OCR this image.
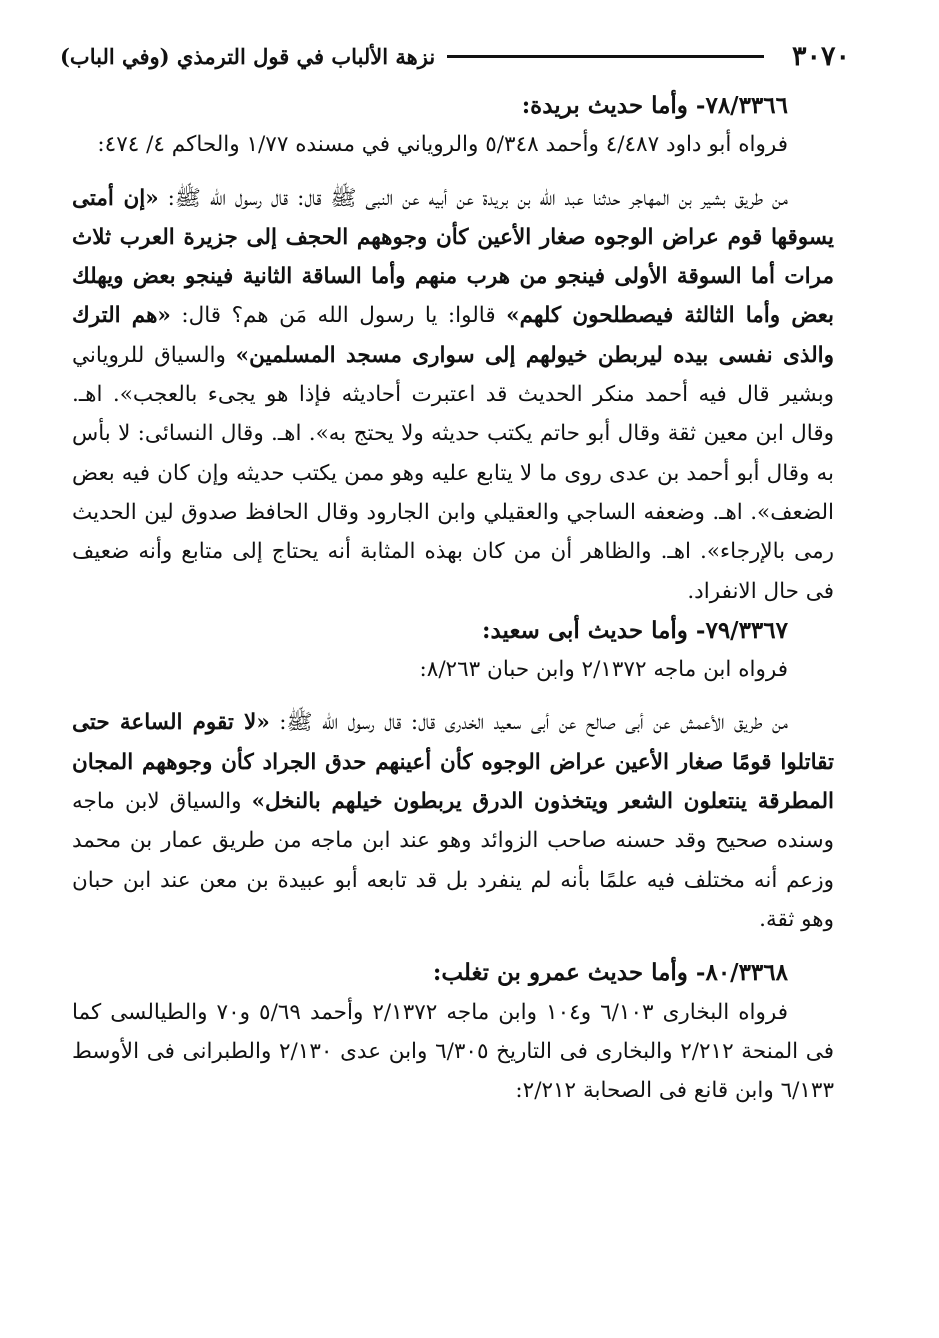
٣٠٧٠
نزهة الألباب في قول الترمذي (وفي الباب)

٧٨/٣٣٦٦- وأما حديث بريدة:

فرواه أبو داود ٤/٤٨٧ وأحمد ٥/٣٤٨ والروياني في مسنده ١/٧٧ والحاكم ٤/ ٤٧٤:

من طريق بشير بن المهاجر حدثنا عبد الله بن بريدة عن أبيه عن النبى ﷺ قال: قال رسول الله ﷺ: «إن أمتى يسوقها قوم عراض الوجوه صغار الأعين كأن وجوههم الحجف إلى جزيرة العرب ثلاث مرات أما السوقة الأولى فينجو من هرب منهم وأما الساقة الثانية فينجو بعض ويهلك بعض وأما الثالثة فيصطلحون كلهم» قالوا: يا رسول الله مَن هم؟ قال: «هم الترك والذى نفسى بيده ليربطن خيولهم إلى سوارى مسجد المسلمين» والسياق للروياني وبشير قال فيه أحمد منكر الحديث قد اعتبرت أحاديثه فإذا هو يجىء بالعجب». اهـ. وقال ابن معين ثقة وقال أبو حاتم يكتب حديثه ولا يحتج به». اهـ. وقال النسائى: لا بأس به وقال أبو أحمد بن عدى روى ما لا يتابع عليه وهو ممن يكتب حديثه وإن كان فيه بعض الضعف». اهـ. وضعفه الساجي والعقيلي وابن الجارود وقال الحافظ صدوق لين الحديث رمى بالإرجاء». اهـ. والظاهر أن من كان بهذه المثابة أنه يحتاج إلى متابع وأنه ضعيف فى حال الانفراد.

٧٩/٣٣٦٧- وأما حديث أبى سعيد:

فرواه ابن ماجه ٢/١٣٧٢ وابن حبان ٨/٢٦٣:

من طريق الأعمش عن أبى صالح عن أبى سعيد الخدرى قال: قال رسول الله ﷺ: «لا تقوم الساعة حتى تقاتلوا قومًا صغار الأعين عراض الوجوه كأن أعينهم حدق الجراد كأن وجوههم المجان المطرقة ينتعلون الشعر ويتخذون الدرق يربطون خيلهم بالنخل» والسياق لابن ماجه وسنده صحيح وقد حسنه صاحب الزوائد وهو عند ابن ماجه من طريق عمار بن محمد وزعم أنه مختلف فيه علمًا بأنه لم ينفرد بل قد تابعه أبو عبيدة بن معن عند ابن حبان وهو ثقة.

٨٠/٣٣٦٨- وأما حديث عمرو بن تغلب:

فرواه البخارى ٦/١٠٣ و١٠٤ وابن ماجه ٢/١٣٧٢ وأحمد ٥/٦٩ و٧٠ والطيالسى كما فى المنحة ٢/٢١٢ والبخارى فى التاريخ ٦/٣٠٥ وابن عدى ٢/١٣٠ والطبرانى فى الأوسط ٦/١٣٣ وابن قانع فى الصحابة ٢/٢١٢:
